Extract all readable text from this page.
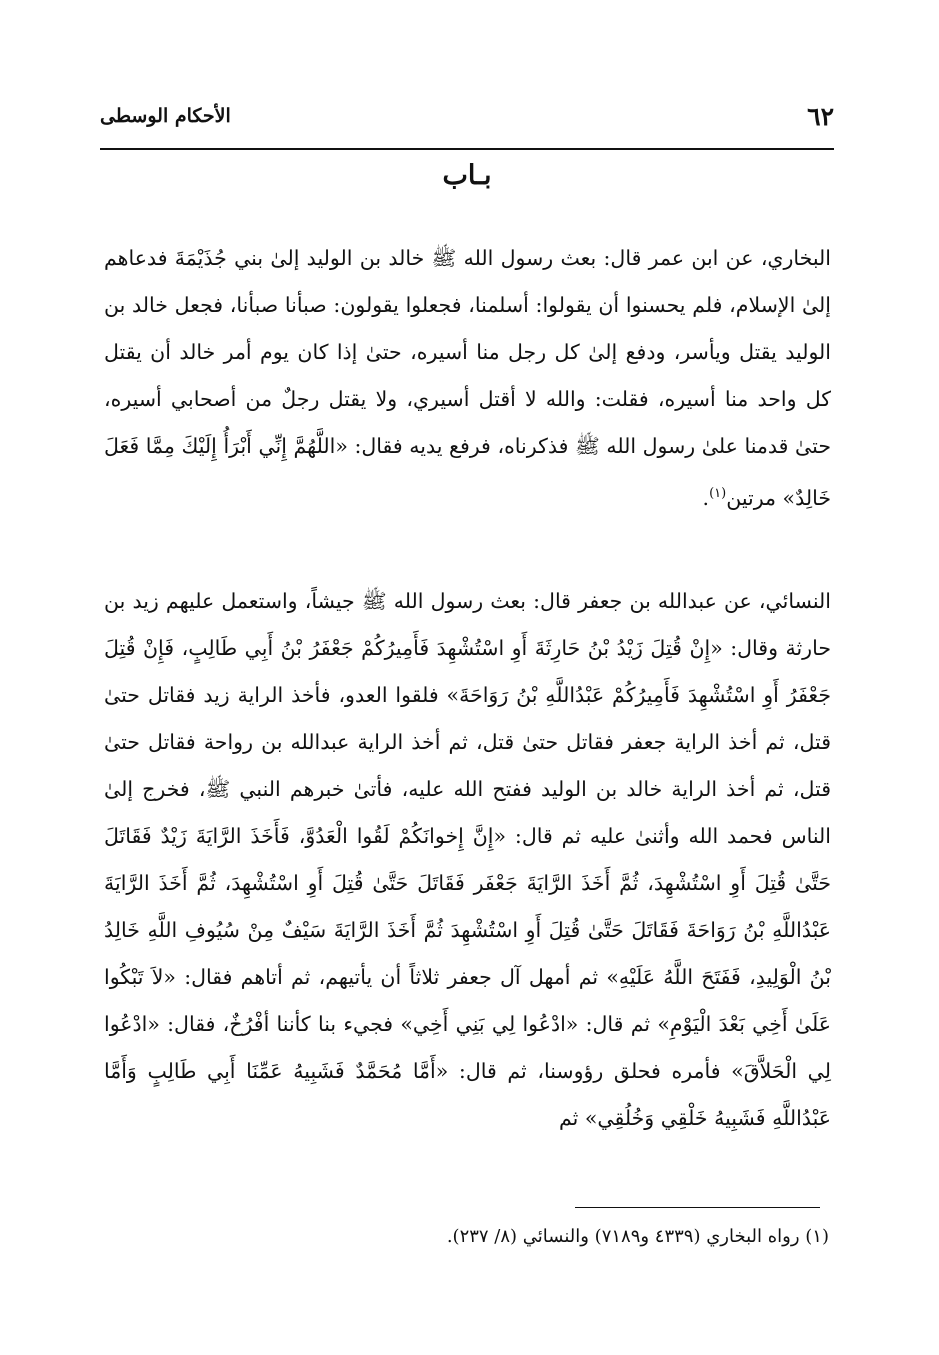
٦٢
الأحكام الوسطى
بـاب

البخاري، عن ابن عمر قال: بعث رسول الله ﷺ خالد بن الوليد إلىٰ بني جُذَيْمَةَ فدعاهم إلىٰ الإسلام، فلم يحسنوا أن يقولوا: أسلمنا، فجعلوا يقولون: صبأنا صبأنا، فجعل خالد بن الوليد يقتل ويأسر، ودفع إلىٰ كل رجل منا أسيره، حتىٰ إذا كان يوم أمر خالد أن يقتل كل واحد منا أسيره، فقلت: والله لا أقتل أسيري، ولا يقتل رجلٌ من أصحابي أسيره، حتىٰ قدمنا علىٰ رسول الله ﷺ فذكرناه، فرفع يديه فقال: «اللَّهُمَّ إِنِّي أَبْرَأُ إِلَيْكَ مِمَّا فَعَلَ خَالِدٌ» مرتين$^{(١)}$.

النسائي، عن عبدالله بن جعفر قال: بعث رسول الله ﷺ جيشاً، واستعمل عليهم زيد بن حارثة وقال: «إِنْ قُتِلَ زَيْدُ بْنُ حَارِثَةَ أَوِ اسْتُشْهِدَ فَأَمِيرُكُمْ جَعْفَرُ بْنُ أَبِي طَالِبٍ، فَإِنْ قُتِلَ جَعْفَرُ أَوِ اسْتُشْهِدَ فَأَمِيرُكُمْ عَبْدُاللَّهِ بْنُ رَوَاحَةَ» فلقوا العدو، فأخذ الراية زيد فقاتل حتىٰ قتل، ثم أخذ الراية جعفر فقاتل حتىٰ قتل، ثم أخذ الراية عبدالله بن رواحة فقاتل حتىٰ قتل، ثم أخذ الراية خالد بن الوليد ففتح الله عليه، فأتىٰ خبرهم النبي ﷺ، فخرج إلىٰ الناس فحمد الله وأثنىٰ عليه ثم قال: «إِنَّ إِخوانَكُمْ لَقُوا الْعَدُوَّ، فَأَخَذَ الرَّايَةَ زَيْدٌ فَقَاتَلَ حَتَّىٰ قُتِلَ أَوِ اسْتُشْهِدَ، ثُمَّ أَخَذَ الرَّايَةَ جَعْفَر فَقَاتَلَ حَتَّىٰ قُتِلَ أَوِ اسْتُشْهِدَ، ثُمَّ أَخَذَ الرَّايَةَ عَبْدُاللَّهِ بْنُ رَوَاحَةَ فَقَاتَلَ حَتَّىٰ قُتِلَ أَوِ اسْتُشْهِدَ ثُمَّ أَخَذَ الرَّايَةَ سَيْفٌ مِنْ سُيُوفِ اللَّهِ خَالِدُ بْنُ الْوَلِيدِ، فَفَتَحَ اللَّهُ عَلَيْهِ» ثم أمهل آل جعفر ثلاثاً أن يأتيهم، ثم أتاهم فقال: «لاَ تَبْكُوا عَلَىٰ أَخِي بَعْدَ الْيَوْمِ» ثم قال: «ادْعُوا لِي بَنِي أَخِي» فجيء بنا كأننا أفْرُخٌ، فقال: «ادْعُوا لِي الْحَلاَّقَ» فأمره فحلق رؤوسنا، ثم قال: «أَمَّا مُحَمَّدٌ فَشَبِيهُ عَمِّنَا أَبِي طَالِبٍ وَأَمَّا عَبْدُاللَّهِ فَشَبِيهُ خَلْقِي وَخُلُقِي» ثم

(١) رواه البخاري (٤٣٣٩ و٧١٨٩) والنسائي (٨/ ٢٣٧).
